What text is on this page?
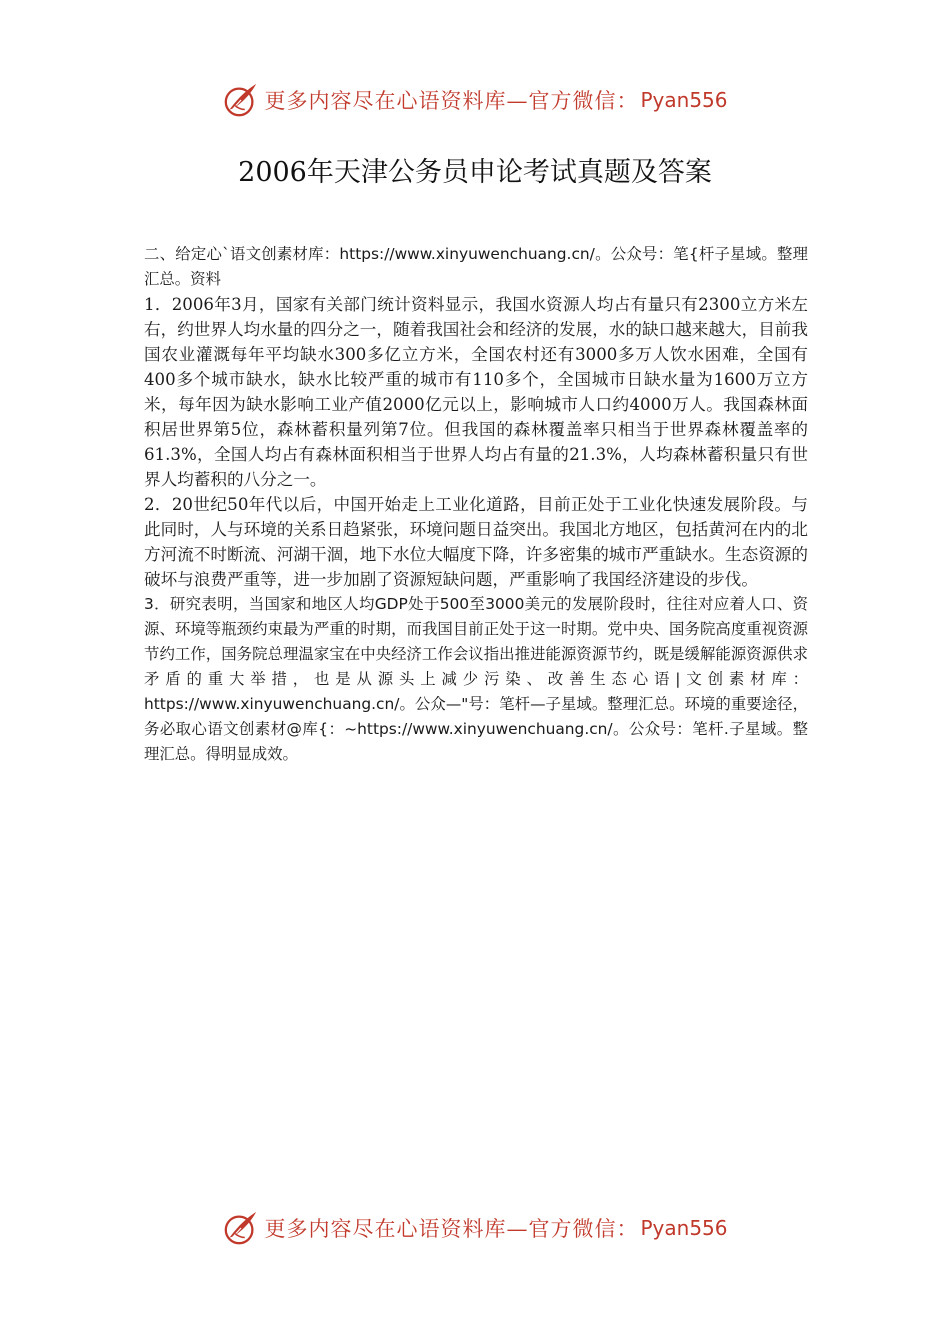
更多内容尽在心语资料库—官方微信： Pyan556
2006年天津公务员申论考试真题及答案

二、给定心`语文创素材库：https://www.xinyuwenchuang.cn/。公众号：笔{杆子星域。整理汇总。资料

1．2006年3月，国家有关部门统计资料显示，我国水资源人均占有量只有2300立方米左右，约世界人均水量的四分之一，随着我国社会和经济的发展，水的缺口越来越大，目前我国农业灌溉每年平均缺水300多亿立方米，全国农村还有3000多万人饮水困难，全国有400多个城市缺水，缺水比较严重的城市有110多个，全国城市日缺水量为1600万立方米，每年因为缺水影响工业产值2000亿元以上，影响城市人口约4000万人。我国森林面积居世界第5位，森林蓄积量列第7位。但我国的森林覆盖率只相当于世界森林覆盖率的61.3%，全国人均占有森林面积相当于世界人均占有量的21.3%，人均森林蓄积量只有世界人均蓄积的八分之一。

2．20世纪50年代以后，中国开始走上工业化道路，目前正处于工业化快速发展阶段。与此同时，人与环境的关系日趋紧张，环境问题日益突出。我国北方地区，包括黄河在内的北方河流不时断流、河湖干涸，地下水位大幅度下降，许多密集的城市严重缺水。生态资源的破坏与浪费严重等，进一步加剧了资源短缺问题，严重影响了我国经济建设的步伐。

3．研究表明，当国家和地区人均GDP处于500至3000美元的发展阶段时，往往对应着人口、资源、环境等瓶颈约束最为严重的时期，而我国目前正处于这一时期。党中央、国务院高度重视资源节约工作，国务院总理温家宝在中央经济工作会议指出推进能源资源节约，既是缓解能源资源供求矛盾的重大举措，也是从源头上减少污染、改善生态心语|文创素材库：https://www.xinyuwenchuang.cn/。公众—"号：笔杆—子星域。整理汇总。环境的重要途径，务必取心语文创素材@库{：~https://www.xinyuwenchuang.cn/。公众号：笔杆.子星域。整理汇总。得明显成效。

更多内容尽在心语资料库—官方微信： Pyan556
